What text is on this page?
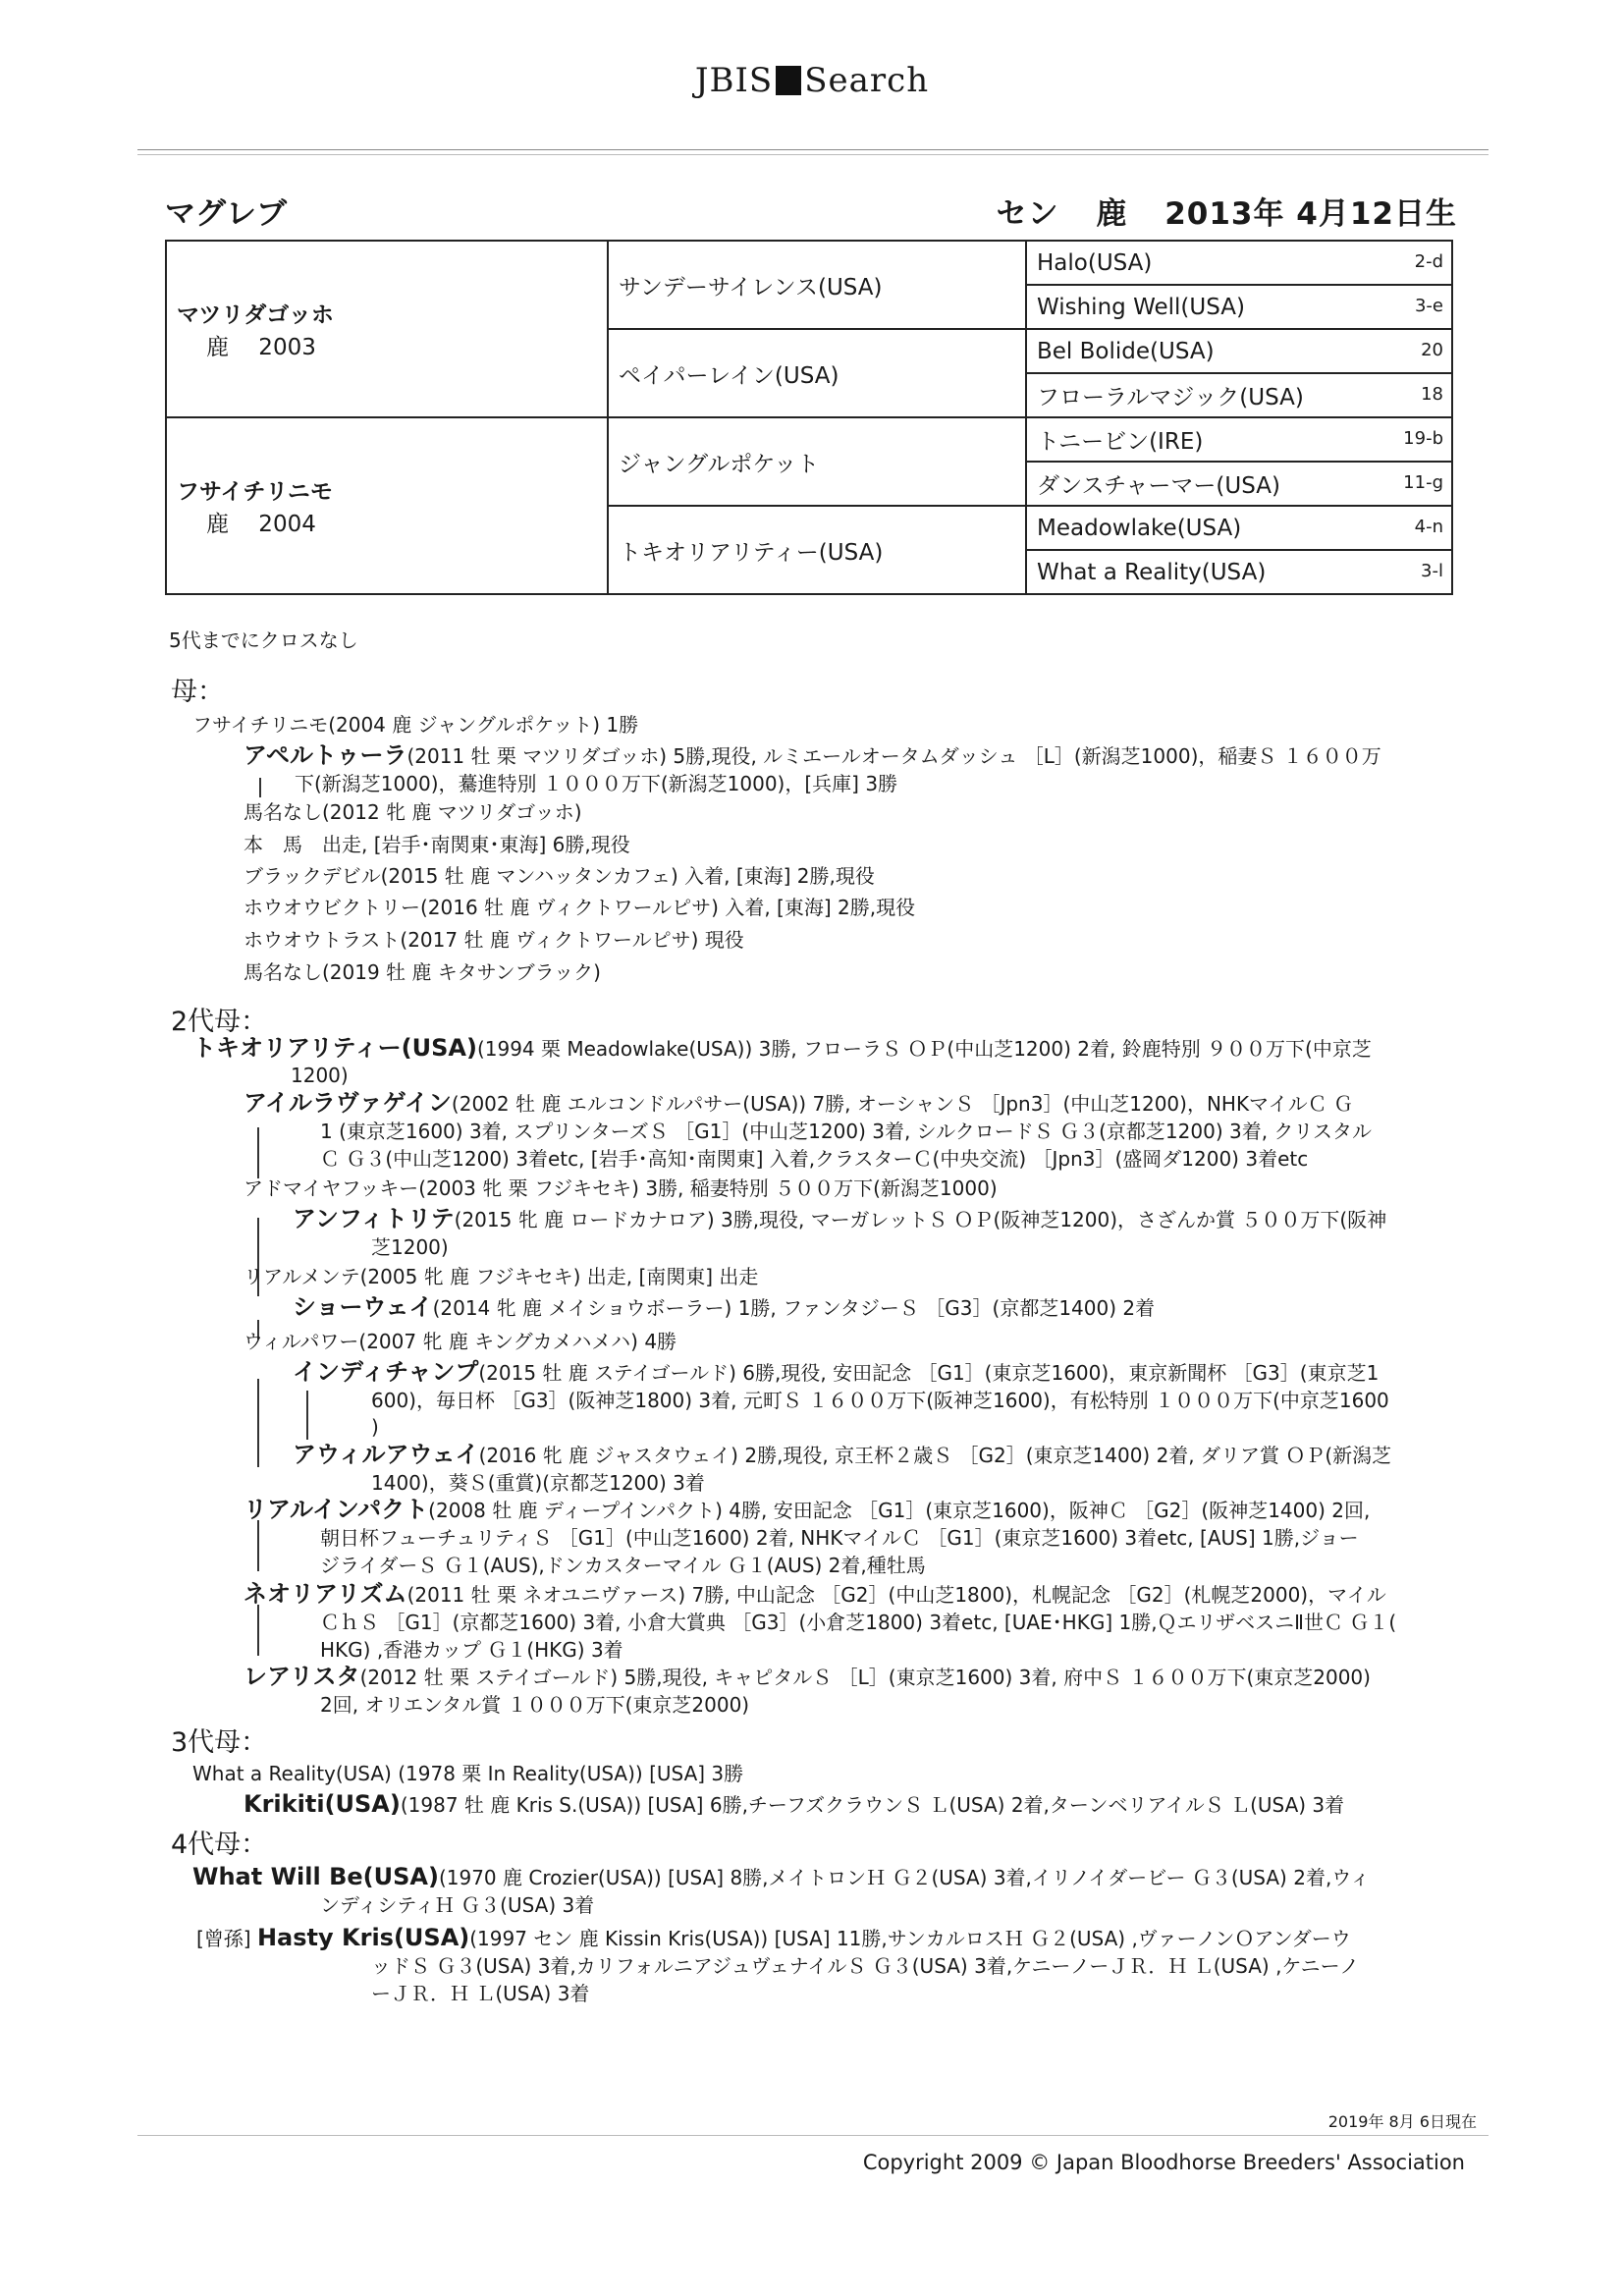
JBIS Search
マグレブ	セン 鹿 2013年 4月12日生
マツリダゴッホ
鹿　 2003	サンデーサイレンス(USA)	Halo(USA) 2-d

		Wishing Well(USA) 3-e

	ペイパーレイン(USA)	Bel Bolide(USA) 20

		フローラルマジック(USA) 18

フサイチリニモ
鹿　 2004	ジャングルポケット	トニービン(IRE) 19-b

		ダンスチャーマー(USA) 11-g

	トキオリアリティー(USA)	Meadowlake(USA) 4-n

		What a Reality(USA) 3-l
5代までにクロスなし
母：
2代母：
3代母：
4代母：
フサイチリニモ(2004 鹿 ジャングルポケット) 1勝
アペルトゥーラ(2011 牡 栗 マツリダゴッホ) 5勝,現役, ルミエールオータムダッシュ ［L］(新潟芝1000)，稲妻Ｓ １６００万
下(新潟芝1000)，驀進特別 １０００万下(新潟芝1000)，[兵庫] 3勝
馬名なし(2012 牝 鹿 マツリダゴッホ)
本　馬　出走, [岩手･南関東･東海] 6勝,現役
ブラックデビル(2015 牡 鹿 マンハッタンカフェ) 入着, [東海] 2勝,現役
ホウオウビクトリー(2016 牡 鹿 ヴィクトワールピサ) 入着, [東海] 2勝,現役
ホウオウトラスト(2017 牡 鹿 ヴィクトワールピサ) 現役
馬名なし(2019 牡 鹿 キタサンブラック)
トキオリアリティー(USA)(1994 栗 Meadowlake(USA)) 3勝, フローラＳ ＯＰ(中山芝1200) 2着, 鈴鹿特別 ９００万下(中京芝
1200)
アイルラヴァゲイン(2002 牡 鹿 エルコンドルパサー(USA)) 7勝, オーシャンＳ ［Jpn3］(中山芝1200)，NHKマイルＣ Ｇ
1 (東京芝1600) 3着, スプリンターズＳ ［G1］(中山芝1200) 3着, シルクロードＳ Ｇ３(京都芝1200) 3着, クリスタル
Ｃ Ｇ３(中山芝1200) 3着etc, [岩手･高知･南関東] 入着,クラスターＣ(中央交流) ［Jpn3］(盛岡ダ1200) 3着etc
アドマイヤフッキー(2003 牝 栗 フジキセキ) 3勝, 稲妻特別 ５００万下(新潟芝1000)
アンフィトリテ(2015 牝 鹿 ロードカナロア) 3勝,現役, マーガレットＳ ＯＰ(阪神芝1200)，さざんか賞 ５００万下(阪神
芝1200)
リアルメンテ(2005 牝 鹿 フジキセキ) 出走, [南関東] 出走
ショーウェイ(2014 牝 鹿 メイショウボーラー) 1勝, ファンタジーＳ ［G3］(京都芝1400) 2着
ウィルパワー(2007 牝 鹿 キングカメハメハ) 4勝
インディチャンプ(2015 牡 鹿 ステイゴールド) 6勝,現役, 安田記念 ［G1］(東京芝1600)，東京新聞杯 ［G3］(東京芝1
600)，毎日杯 ［G3］(阪神芝1800) 3着, 元町Ｓ １６００万下(阪神芝1600)，有松特別 １０００万下(中京芝1600
)
アウィルアウェイ(2016 牝 鹿 ジャスタウェイ) 2勝,現役, 京王杯２歳Ｓ ［G2］(東京芝1400) 2着, ダリア賞 ＯＰ(新潟芝
1400)，葵Ｓ(重賞)(京都芝1200) 3着
リアルインパクト(2008 牡 鹿 ディープインパクト) 4勝, 安田記念 ［G1］(東京芝1600)，阪神Ｃ ［G2］(阪神芝1400) 2回,
朝日杯フューチュリティＳ ［G1］(中山芝1600) 2着, NHKマイルＣ ［G1］(東京芝1600) 3着etc, [AUS] 1勝,ジョー
ジライダーＳ Ｇ１(AUS),ドンカスターマイル Ｇ１(AUS) 2着,種牡馬
ネオリアリズム(2011 牡 栗 ネオユニヴァース) 7勝, 中山記念 ［G2］(中山芝1800)，札幌記念 ［G2］(札幌芝2000)，マイル
ＣｈＳ ［G1］(京都芝1600) 3着, 小倉大賞典 ［G3］(小倉芝1800) 3着etc, [UAE･HKG] 1勝,ＱエリザベスニⅡ世Ｃ Ｇ１(
HKG) ,香港カップ Ｇ１(HKG) 3着
レアリスタ(2012 牡 栗 ステイゴールド) 5勝,現役, キャピタルＳ ［L］(東京芝1600) 3着, 府中Ｓ １６００万下(東京芝2000)
2回, オリエンタル賞 １０００万下(東京芝2000)
What a Reality(USA) (1978 栗 In Reality(USA)) [USA] 3勝
Krikiti(USA)(1987 牡 鹿 Kris S.(USA)) [USA] 6勝,チーフズクラウンＳ Ｌ(USA) 2着,ターンベリアイルＳ Ｌ(USA) 3着
What Will Be(USA)(1970 鹿 Crozier(USA)) [USA] 8勝,メイトロンＨ Ｇ２(USA) 3着,イリノイダービー Ｇ３(USA) 2着,ウィ
ンディシティＨ Ｇ３(USA) 3着
[曾孫] Hasty Kris(USA)(1997 セン 鹿 Kissin Kris(USA)) [USA] 11勝,サンカルロスＨ Ｇ２(USA) ,ヴァーノンＯアンダーウ
ッドＳ Ｇ３(USA) 3着,カリフォルニアジュヴェナイルＳ Ｇ３(USA) 3着,ケニーノーＪＲ．Ｈ Ｌ(USA) ,ケニーノ
ーＪＲ．Ｈ Ｌ(USA) 3着
2019年 8月 6日現在
Copyright 2009 © Japan Bloodhorse Breeders' Association
